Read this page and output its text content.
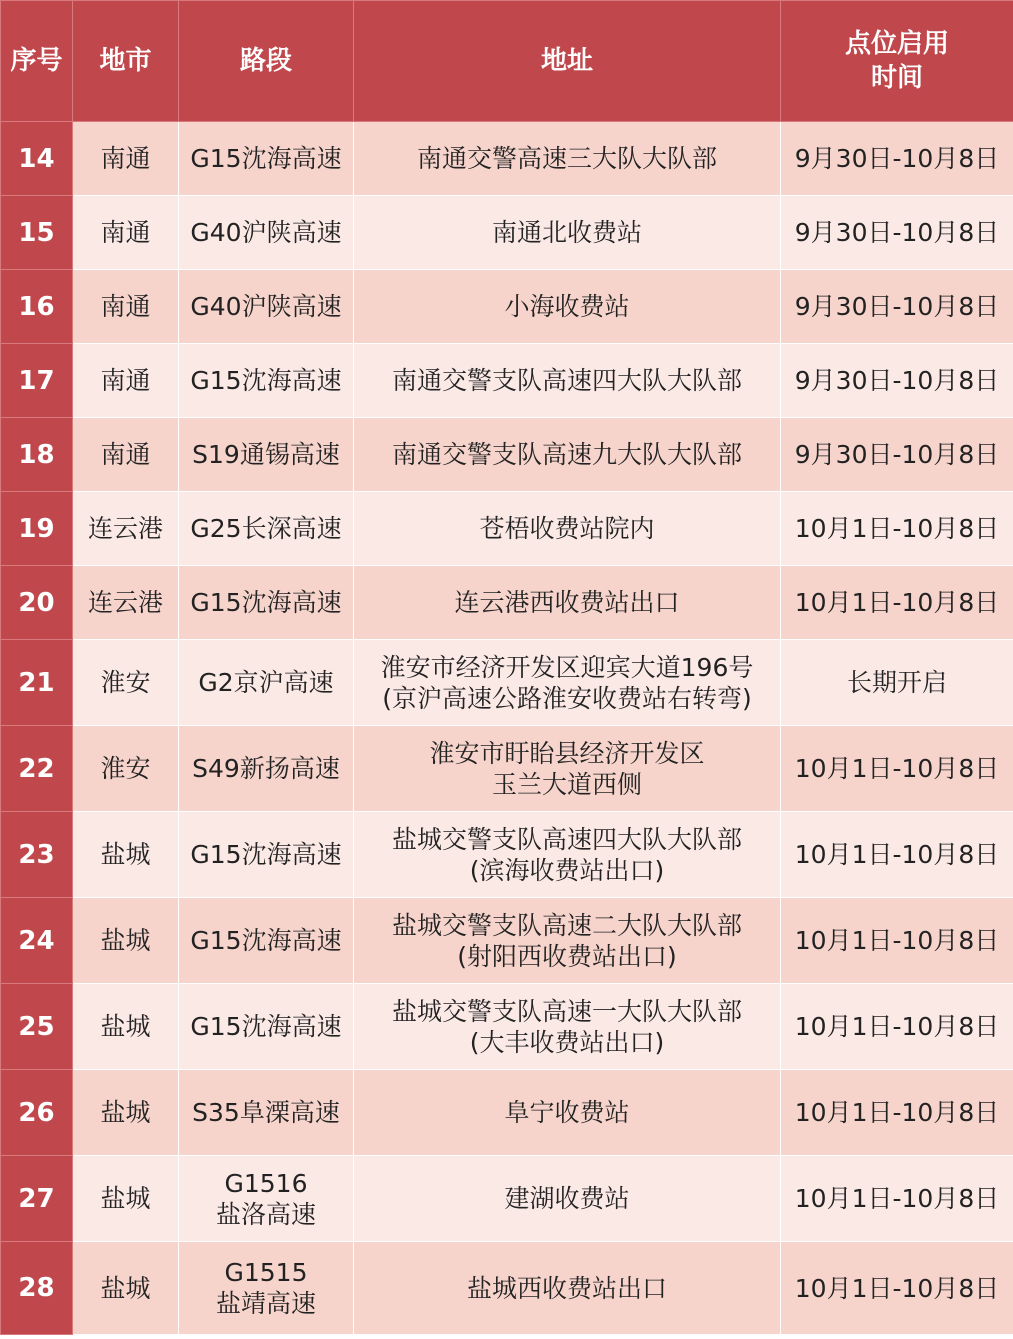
序号	地市	路段	地址	点位启用
时间

14	南通	G15沈海高速	南通交警高速三大队大队部	9月30日-10月8日
15	南通	G40沪陕高速	南通北收费站	9月30日-10月8日
16	南通	G40沪陕高速	小海收费站	9月30日-10月8日
17	南通	G15沈海高速	南通交警支队高速四大队大队部	9月30日-10月8日
18	南通	S19通锡高速	南通交警支队高速九大队大队部	9月30日-10月8日
19	连云港	G25长深高速	苍梧收费站院内	10月1日-10月8日
20	连云港	G15沈海高速	连云港西收费站出口	10月1日-10月8日
21	淮安	G2京沪高速	淮安市经济开发区迎宾大道196号
(京沪高速公路淮安收费站右转弯)	长期开启
22	淮安	S49新扬高速	淮安市盱眙县经济开发区
玉兰大道西侧	10月1日-10月8日
23	盐城	G15沈海高速	盐城交警支队高速四大队大队部
(滨海收费站出口)	10月1日-10月8日
24	盐城	G15沈海高速	盐城交警支队高速二大队大队部
(射阳西收费站出口)	10月1日-10月8日
25	盐城	G15沈海高速	盐城交警支队高速一大队大队部
(大丰收费站出口)	10月1日-10月8日
26	盐城	S35阜溧高速	阜宁收费站	10月1日-10月8日
27	盐城	G1516
盐洛高速	建湖收费站	10月1日-10月8日
28	盐城	G1515
盐靖高速	盐城西收费站出口	10月1日-10月8日
